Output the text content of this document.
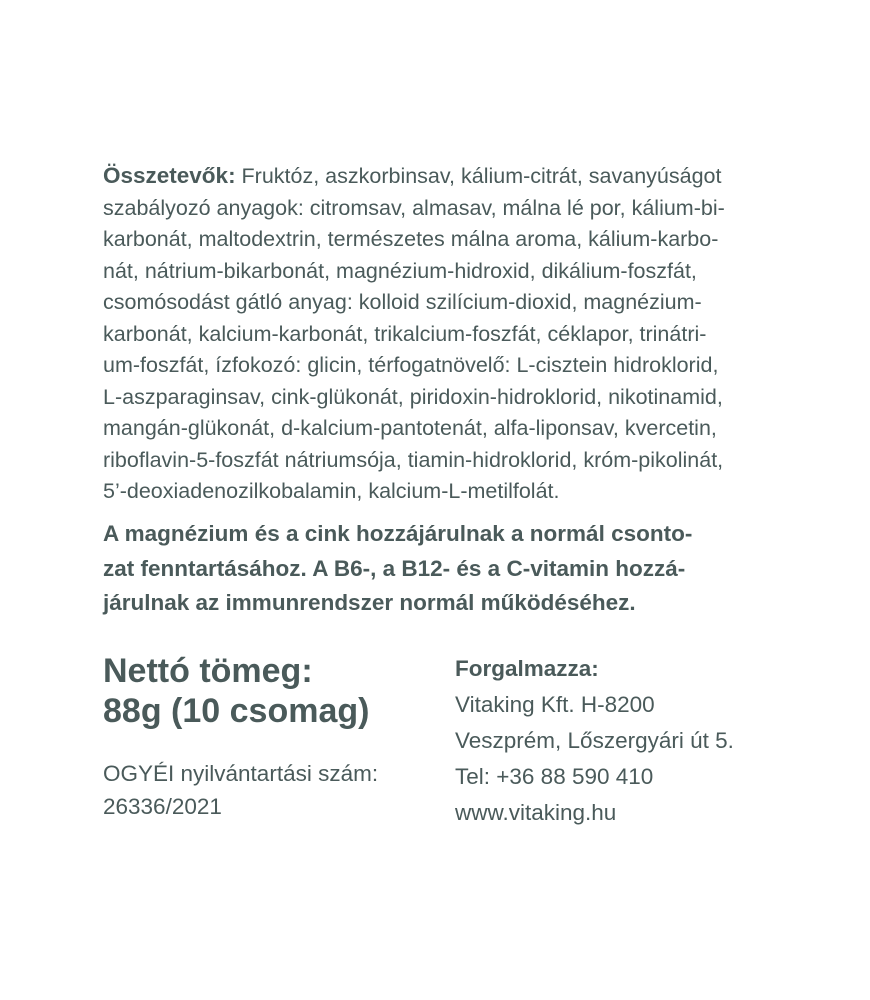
Összetevők: Fruktóz, aszkorbinsav, kálium-citrát, savanyúságot
szabályozó anyagok: citromsav, almasav, málna lé por, kálium-bi-
karbonát, maltodextrin, természetes málna aroma, kálium-karbo-
nát, nátrium-bikarbonát, magnézium-hidroxid, dikálium-foszfát,
csomósodást gátló anyag: kolloid szilícium-dioxid, magnézium-
karbonát, kalcium-karbonát, trikalcium-foszfát, céklapor, trinátri-
um-foszfát, ízfokozó: glicin, térfogatnövelő: L-cisztein hidroklorid,
L-aszparaginsav, cink-glükonát, piridoxin-hidroklorid, nikotinamid,
mangán-glükonát, d-kalcium-pantotenát, alfa-liponsav, kvercetin,
riboflavin-5-foszfát nátriumsója, tiamin-hidroklorid, króm-pikolinát,
5’-deoxiadenozilkobalamin, kalcium-L-metilfolát.
A magnézium és a cink hozzájárulnak a normál csonto-
zat fenntartásához. A B6-, a B12- és a C-vitamin hozzá-
járulnak az immunrendszer normál működéséhez.
Nettó tömeg:
88g (10 csomag)
OGYÉI nyilvántartási szám:
26336/2021
Forgalmazza:
Vitaking Kft. H-8200
Veszprém, Lőszergyári út 5.
Tel: +36 88 590 410
www.vitaking.hu
